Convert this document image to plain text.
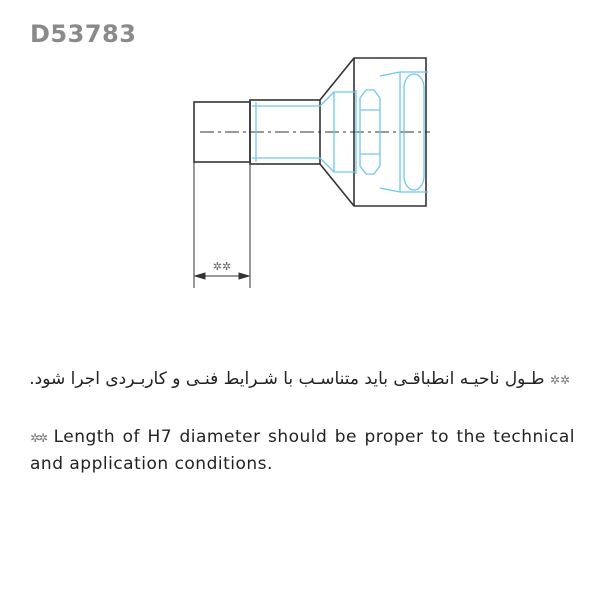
D53783
✲✲
✲✲ طـول ناحیـه انطباقـی باید متناسـب با شـرایط فنـی و کاربـردی اجرا شود.
✲✲ Length of H7 diameter should be proper to the technical and application conditions.
